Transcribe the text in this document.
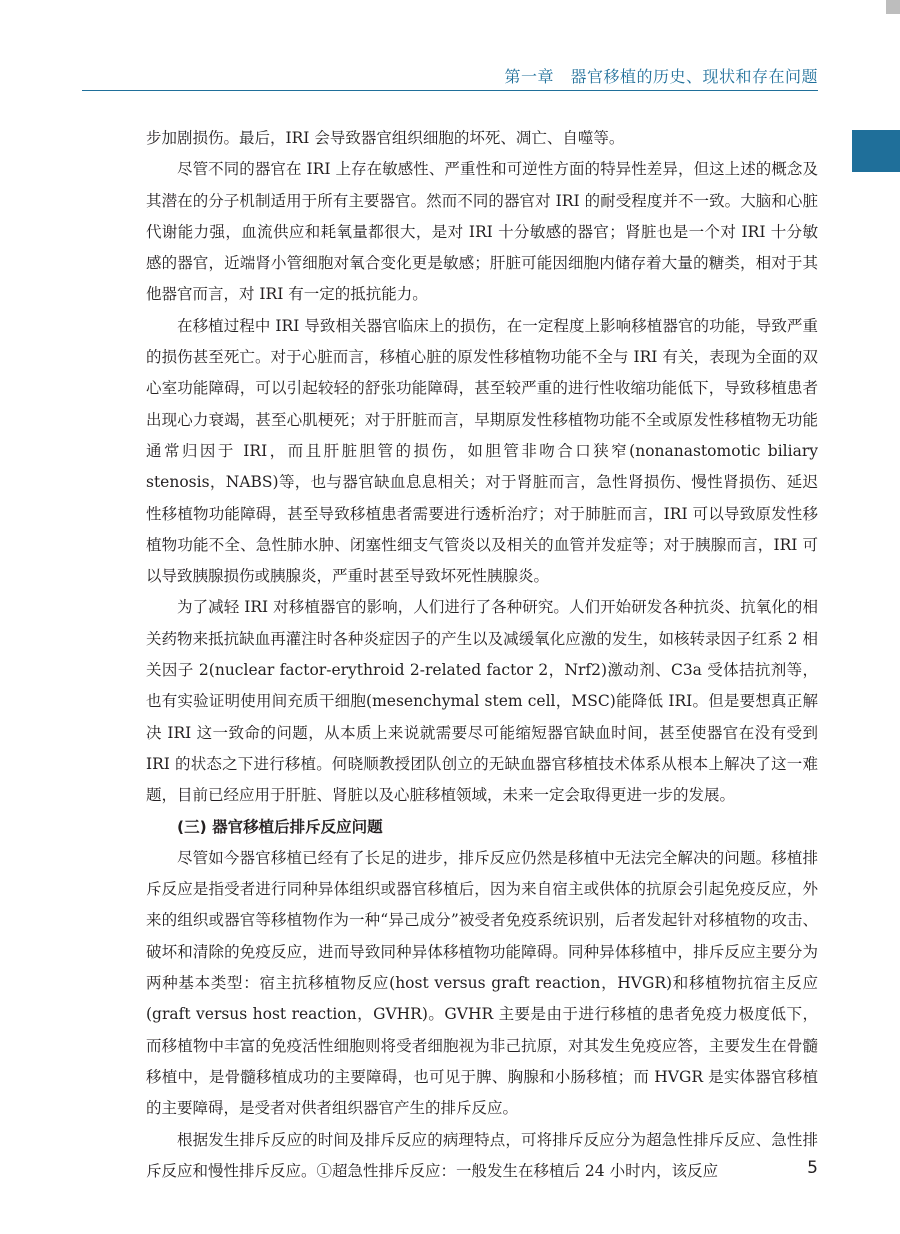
第一章　器官移植的历史、现状和存在问题

步加剧损伤。最后，IRI 会导致器官组织细胞的坏死、凋亡、自噬等。

尽管不同的器官在 IRI 上存在敏感性、严重性和可逆性方面的特异性差异，但这上述的概念及其潜在的分子机制适用于所有主要器官。然而不同的器官对 IRI 的耐受程度并不一致。大脑和心脏代谢能力强，血流供应和耗氧量都很大，是对 IRI 十分敏感的器官；肾脏也是一个对 IRI 十分敏感的器官，近端肾小管细胞对氧合变化更是敏感；肝脏可能因细胞内储存着大量的糖类，相对于其他器官而言，对 IRI 有一定的抵抗能力。

在移植过程中 IRI 导致相关器官临床上的损伤，在一定程度上影响移植器官的功能，导致严重的损伤甚至死亡。对于心脏而言，移植心脏的原发性移植物功能不全与 IRI 有关，表现为全面的双心室功能障碍，可以引起较轻的舒张功能障碍，甚至较严重的进行性收缩功能低下，导致移植患者出现心力衰竭，甚至心肌梗死；对于肝脏而言，早期原发性移植物功能不全或原发性移植物无功能通常归因于 IRI，而且肝脏胆管的损伤，如胆管非吻合口狭窄(nonanastomotic biliary stenosis，NABS)等，也与器官缺血息息相关；对于肾脏而言，急性肾损伤、慢性肾损伤、延迟性移植物功能障碍，甚至导致移植患者需要进行透析治疗；对于肺脏而言，IRI 可以导致原发性移植物功能不全、急性肺水肿、闭塞性细支气管炎以及相关的血管并发症等；对于胰腺而言，IRI 可以导致胰腺损伤或胰腺炎，严重时甚至导致坏死性胰腺炎。

为了减轻 IRI 对移植器官的影响，人们进行了各种研究。人们开始研发各种抗炎、抗氧化的相关药物来抵抗缺血再灌注时各种炎症因子的产生以及减缓氧化应激的发生，如核转录因子红系 2 相关因子 2(nuclear factor-erythroid 2-related factor 2，Nrf2)激动剂、C3a 受体拮抗剂等，也有实验证明使用间充质干细胞(mesenchymal stem cell，MSC)能降低 IRI。但是要想真正解决 IRI 这一致命的问题，从本质上来说就需要尽可能缩短器官缺血时间，甚至使器官在没有受到 IRI 的状态之下进行移植。何晓顺教授团队创立的无缺血器官移植技术体系从根本上解决了这一难题，目前已经应用于肝脏、肾脏以及心脏移植领域，未来一定会取得更进一步的发展。

(三) 器官移植后排斥反应问题

尽管如今器官移植已经有了长足的进步，排斥反应仍然是移植中无法完全解决的问题。移植排斥反应是指受者进行同种异体组织或器官移植后，因为来自宿主或供体的抗原会引起免疫反应，外来的组织或器官等移植物作为一种“异己成分”被受者免疫系统识别，后者发起针对移植物的攻击、破坏和清除的免疫反应，进而导致同种异体移植物功能障碍。同种异体移植中，排斥反应主要分为两种基本类型：宿主抗移植物反应(host versus graft reaction，HVGR)和移植物抗宿主反应(graft versus host reaction，GVHR)。GVHR 主要是由于进行移植的患者免疫力极度低下，而移植物中丰富的免疫活性细胞则将受者细胞视为非己抗原，对其发生免疫应答，主要发生在骨髓移植中，是骨髓移植成功的主要障碍，也可见于脾、胸腺和小肠移植；而 HVGR 是实体器官移植的主要障碍，是受者对供者组织器官产生的排斥反应。

根据发生排斥反应的时间及排斥反应的病理特点，可将排斥反应分为超急性排斥反应、急性排斥反应和慢性排斥反应。①超急性排斥反应：一般发生在移植后 24 小时内，该反应	5
